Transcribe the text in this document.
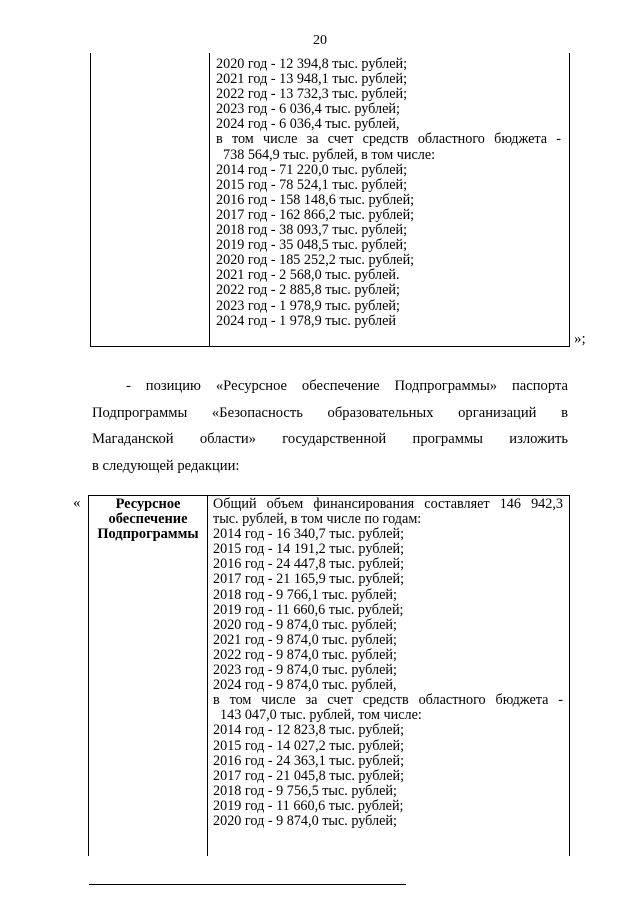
20
2020 год - 12 394,8 тыс. рублей;
2021 год - 13 948,1 тыс. рублей;
2022 год - 13 732,3 тыс. рублей;
2023 год - 6 036,4 тыс. рублей;
2024 год - 6 036,4 тыс. рублей,
в том числе за счет средств областного бюджета -
738 564,9 тыс. рублей, в том числе:
2014 год - 71 220,0 тыс. рублей;
2015 год - 78 524,1 тыс. рублей;
2016 год - 158 148,6 тыс. рублей;
2017 год - 162 866,2 тыс. рублей;
2018 год - 38 093,7 тыс. рублей;
2019 год - 35 048,5 тыс. рублей;
2020 год - 185 252,2 тыс. рублей;
2021 год - 2 568,0 тыс. рублей.
2022 год - 2 885,8 тыс. рублей;
2023 год - 1 978,9 тыс. рублей;
2024 год - 1 978,9 тыс. рублей
»;
- позицию «Ресурсное обеспечение Подпрограммы» паспорта
Подпрограммы «Безопасность образовательных организаций в
Магаданской области» государственной программы изложить
в следующей редакции:
«	Ресурсное
обеспечение
Подпрограммы
Общий объем финансирования составляет 146 942,3
тыс. рублей, в том числе по годам:
2014 год - 16 340,7 тыс. рублей;
2015 год - 14 191,2 тыс. рублей;
2016 год - 24 447,8 тыс. рублей;
2017 год - 21 165,9 тыс. рублей;
2018 год - 9 766,1 тыс. рублей;
2019 год - 11 660,6 тыс. рублей;
2020 год - 9 874,0 тыс. рублей;
2021 год - 9 874,0 тыс. рублей;
2022 год - 9 874,0 тыс. рублей;
2023 год - 9 874,0 тыс. рублей;
2024 год - 9 874,0 тыс. рублей,
в том числе за счет средств областного бюджета -
143 047,0 тыс. рублей, том числе:
2014 год - 12 823,8 тыс. рублей;
2015 год - 14 027,2 тыс. рублей;
2016 год - 24 363,1 тыс. рублей;
2017 год - 21 045,8 тыс. рублей;
2018 год - 9 756,5 тыс. рублей;
2019 год - 11 660,6 тыс. рублей;
2020 год - 9 874,0 тыс. рублей;
